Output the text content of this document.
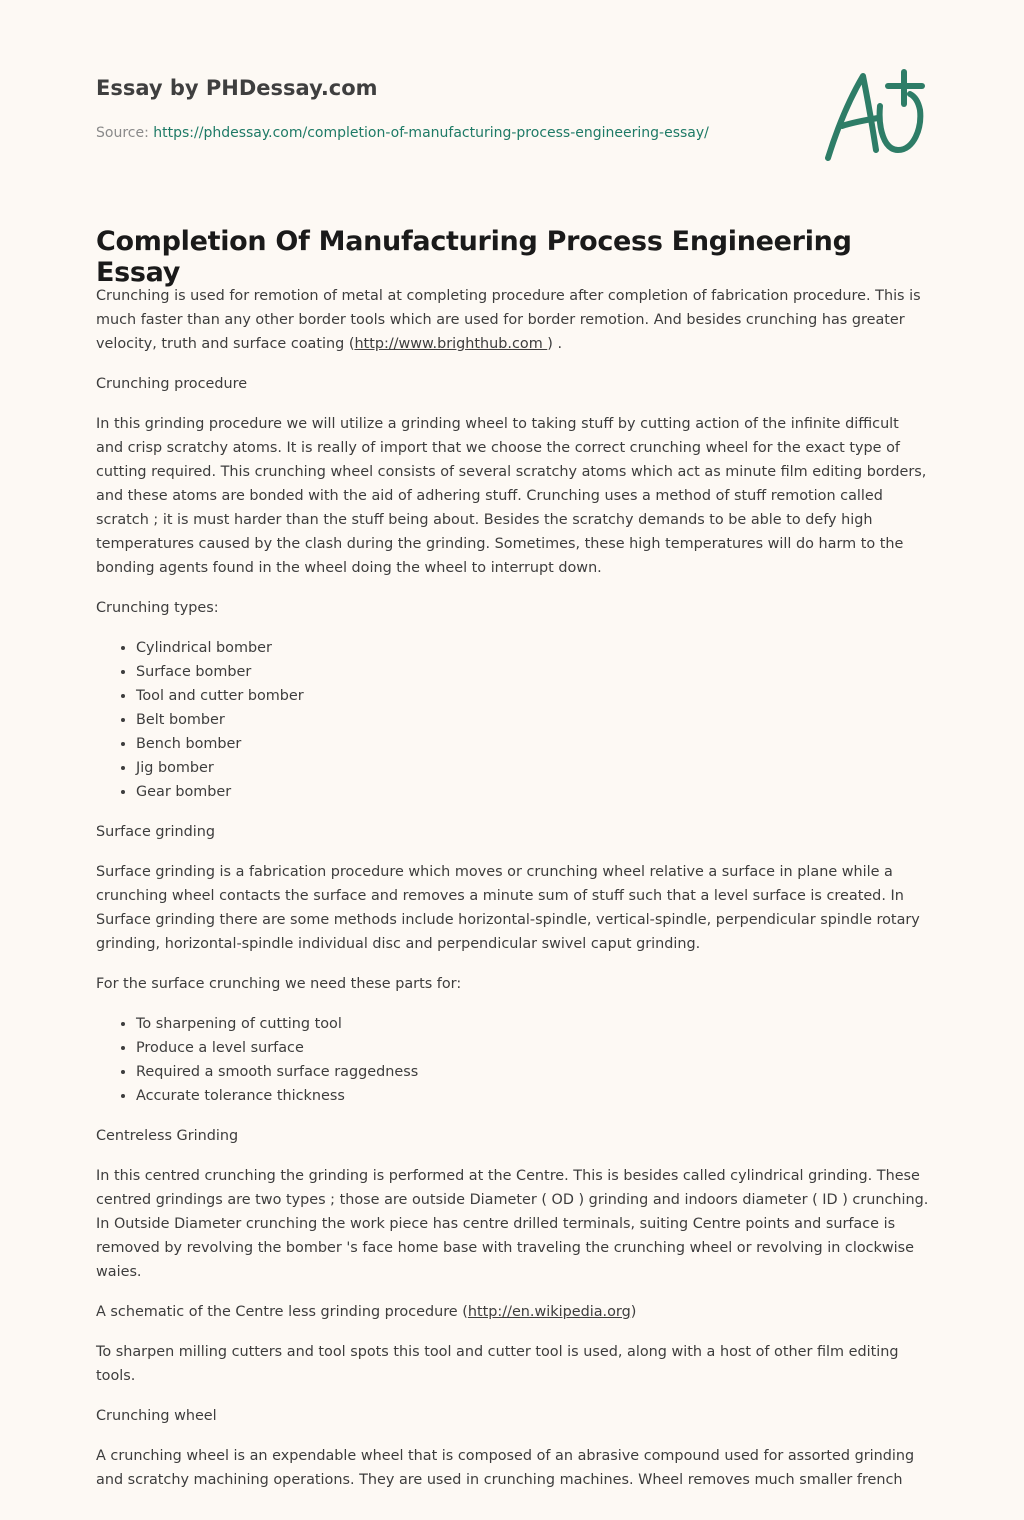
Essay by PHDessay.com
Source: https://phdessay.com/completion-of-manufacturing-process-engineering-essay/
Completion Of Manufacturing Process Engineering Essay

Crunching is used for remotion of metal at completing procedure after completion of fabrication procedure. This is much faster than any other border tools which are used for border remotion. And besides crunching has greater velocity, truth and surface coating (http://www.brighthub.com ) .

Crunching procedure

In this grinding procedure we will utilize a grinding wheel to taking stuff by cutting action of the infinite difficult and crisp scratchy atoms. It is really of import that we choose the correct crunching wheel for the exact type of cutting required. This crunching wheel consists of several scratchy atoms which act as minute film editing borders, and these atoms are bonded with the aid of adhering stuff. Crunching uses a method of stuff remotion called scratch ; it is must harder than the stuff being about. Besides the scratchy demands to be able to defy high temperatures caused by the clash during the grinding. Sometimes, these high temperatures will do harm to the bonding agents found in the wheel doing the wheel to interrupt down.

Crunching types:

• Cylindrical bomber
• Surface bomber
• Tool and cutter bomber
• Belt bomber
• Bench bomber
• Jig bomber
• Gear bomber

Surface grinding

Surface grinding is a fabrication procedure which moves or crunching wheel relative a surface in plane while a crunching wheel contacts the surface and removes a minute sum of stuff such that a level surface is created. In Surface grinding there are some methods include horizontal-spindle, vertical-spindle, perpendicular spindle rotary grinding, horizontal-spindle individual disc and perpendicular swivel caput grinding.

For the surface crunching we need these parts for:

• To sharpening of cutting tool
• Produce a level surface
• Required a smooth surface raggedness
• Accurate tolerance thickness

Centreless Grinding

In this centred crunching the grinding is performed at the Centre. This is besides called cylindrical grinding. These centred grindings are two types ; those are outside Diameter ( OD ) grinding and indoors diameter ( ID ) crunching. In Outside Diameter crunching the work piece has centre drilled terminals, suiting Centre points and surface is removed by revolving the bomber 's face home base with traveling the crunching wheel or revolving in clockwise waies.

A schematic of the Centre less grinding procedure (http://en.wikipedia.org)

To sharpen milling cutters and tool spots this tool and cutter tool is used, along with a host of other film editing tools.

Crunching wheel

A crunching wheel is an expendable wheel that is composed of an abrasive compound used for assorted grinding and scratchy machining operations. They are used in crunching machines. Wheel removes much smaller french
